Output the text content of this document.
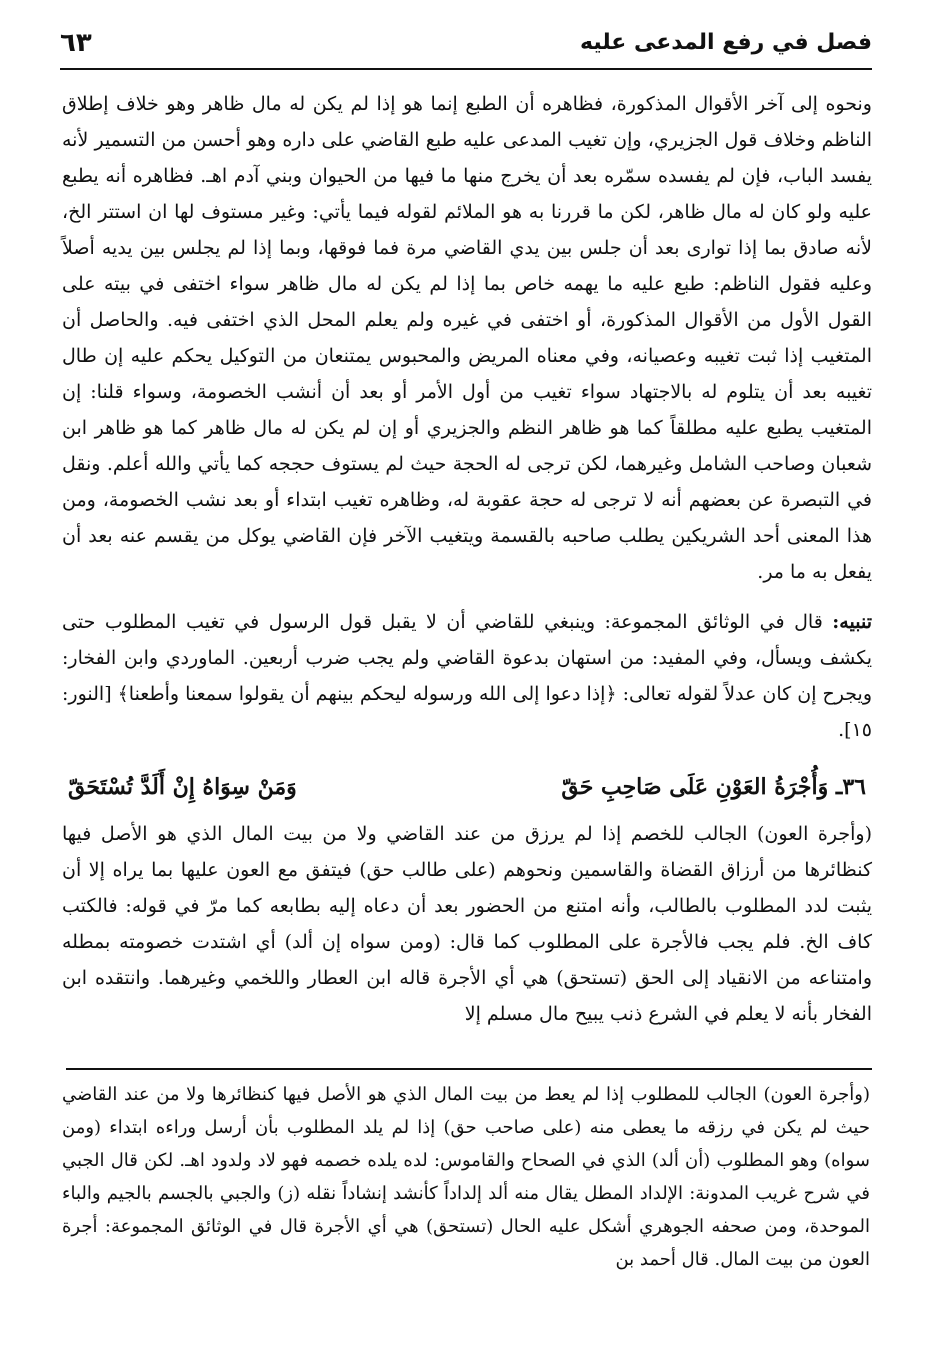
فصل في رفع المدعى عليه
٦٣

ونحوه إلى آخر الأقوال المذكورة، فظاهره أن الطبع إنما هو إذا لم يكن له مال ظاهر وهو خلاف إطلاق الناظم وخلاف قول الجزيري، وإن تغيب المدعى عليه طبع القاضي على داره وهو أحسن من التسمير لأنه يفسد الباب، فإن لم يفسده سمّره بعد أن يخرج منها ما فيها من الحيوان وبني آدم اهـ. فظاهره أنه يطبع عليه ولو كان له مال ظاهر، لكن ما قررنا به هو الملائم لقوله فيما يأتي: وغير مستوف لها ان استتر الخ، لأنه صادق بما إذا توارى بعد أن جلس بين يدي القاضي مرة فما فوقها، وبما إذا لم يجلس بين يديه أصلاً وعليه فقول الناظم: طبع عليه ما يهمه خاص بما إذا لم يكن له مال ظاهر سواء اختفى في بيته على القول الأول من الأقوال المذكورة، أو اختفى في غيره ولم يعلم المحل الذي اختفى فيه. والحاصل أن المتغيب إذا ثبت تغيبه وعصيانه، وفي معناه المريض والمحبوس يمتنعان من التوكيل يحكم عليه إن طال تغيبه بعد أن يتلوم له بالاجتهاد سواء تغيب من أول الأمر أو بعد أن أنشب الخصومة، وسواء قلنا: إن المتغيب يطبع عليه مطلقاً كما هو ظاهر النظم والجزيري أو إن لم يكن له مال ظاهر كما هو ظاهر ابن شعبان وصاحب الشامل وغيرهما، لكن ترجى له الحجة حيث لم يستوف حججه كما يأتي والله أعلم. ونقل في التبصرة عن بعضهم أنه لا ترجى له حجة عقوبة له، وظاهره تغيب ابتداء أو بعد نشب الخصومة، ومن هذا المعنى أحد الشريكين يطلب صاحبه بالقسمة ويتغيب الآخر فإن القاضي يوكل من يقسم عنه بعد أن يفعل به ما مر.

تنبيه: قال في الوثائق المجموعة: وينبغي للقاضي أن لا يقبل قول الرسول في تغيب المطلوب حتى يكشف ويسأل، وفي المفيد: من استهان بدعوة القاضي ولم يجب ضرب أربعين. الماوردي وابن الفخار: ويجرح إن كان عدلاً لقوله تعالى: ﴿إذا دعوا إلى الله ورسوله ليحكم بينهم أن يقولوا سمعنا وأطعنا﴾ [النور: ١٥].

٣٦ـ وَأُجْرَةُ العَوْنِ عَلَى صَاحِبِ حَقّ
وَمَنْ سِوَاهُ إِنْ أَلَدَّ تُسْتَحَقّ

(وأجرة العون) الجالب للخصم إذا لم يرزق من عند القاضي ولا من بيت المال الذي هو الأصل فيها كنظائرها من أرزاق القضاة والقاسمين ونحوهم (على طالب حق) فيتفق مع العون عليها بما يراه إلا أن يثبت لدد المطلوب بالطالب، وأنه امتنع من الحضور بعد أن دعاه إليه بطابعه كما مرّ في قوله: فالكتب كاف الخ. فلم يجب فالأجرة على المطلوب كما قال: (ومن سواه إن ألد) أي اشتدت خصومته بمطله وامتناعه من الانقياد إلى الحق (تستحق) هي أي الأجرة قاله ابن العطار واللخمي وغيرهما. وانتقده ابن الفخار بأنه لا يعلم في الشرع ذنب يبيح مال مسلم إلا

(وأجرة العون) الجالب للمطلوب إذا لم يعط من بيت المال الذي هو الأصل فيها كنظائرها ولا من عند القاضي حيث لم يكن في رزقه ما يعطى منه (على صاحب حق) إذا لم يلد المطلوب بأن أرسل وراءه ابتداء (ومن سواه) وهو المطلوب (أن ألد) الذي في الصحاح والقاموس: لده يلده خصمه فهو لاد ولدود اهـ. لكن قال الجبي في شرح غريب المدونة: الإلداد المطل يقال منه ألد إلداداً كأنشد إنشاداً نقله (ز) والجبي بالجسم بالجيم والباء الموحدة، ومن صحفه الجوهري أشكل عليه الحال (تستحق) هي أي الأجرة قال في الوثائق المجموعة: أجرة العون من بيت المال. قال أحمد بن
